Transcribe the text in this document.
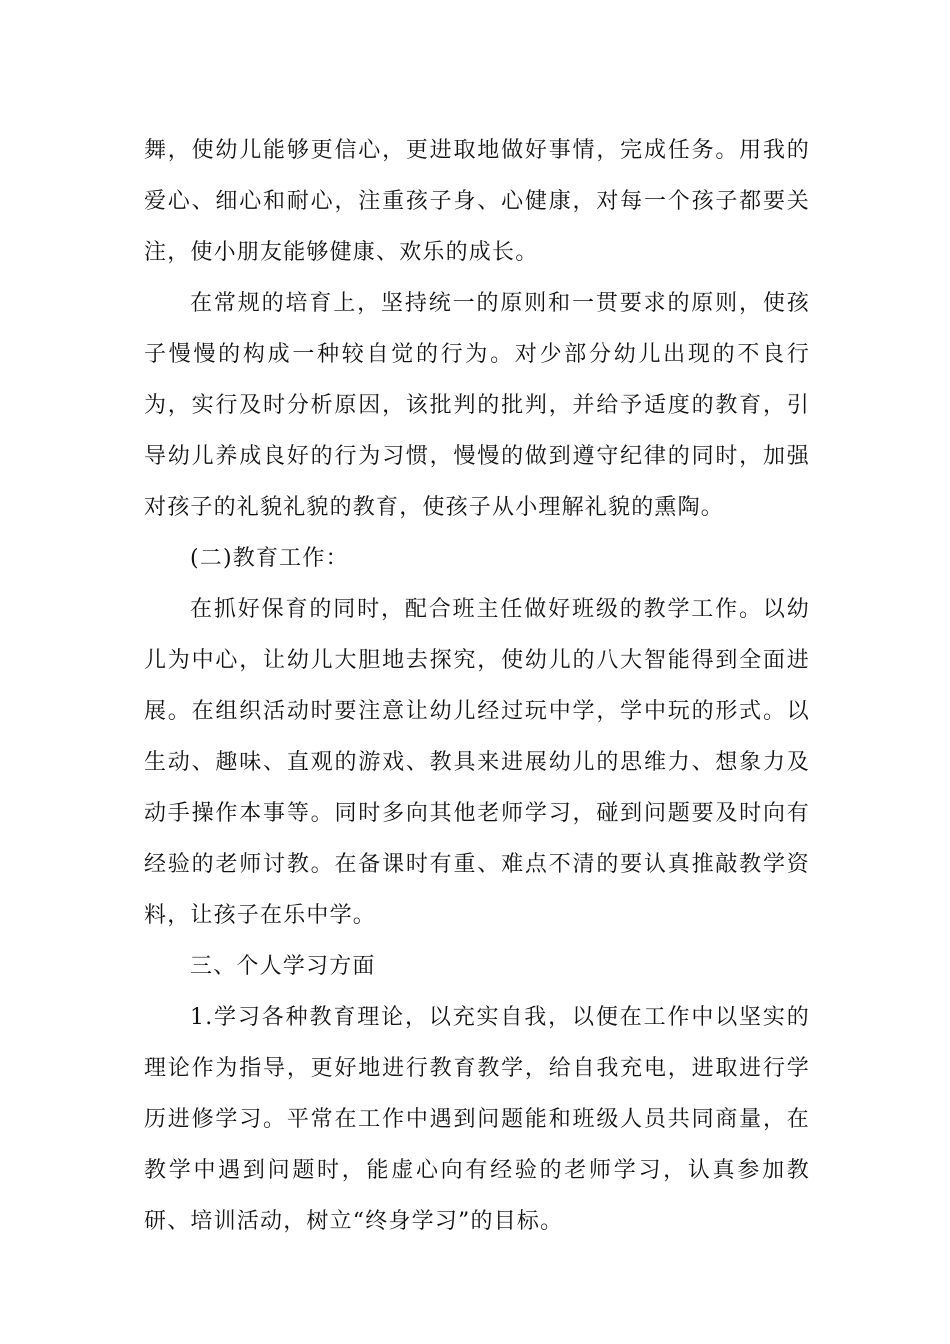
舞，使幼儿能够更信心，更进取地做好事情，完成任务。用我的爱心、细心和耐心，注重孩子身、心健康，对每一个孩子都要关注，使小朋友能够健康、欢乐的成长。

在常规的培育上，坚持统一的原则和一贯要求的原则，使孩子慢慢的构成一种较自觉的行为。对少部分幼儿出现的不良行为，实行及时分析原因，该批判的批判，并给予适度的教育，引导幼儿养成良好的行为习惯，慢慢的做到遵守纪律的同时，加强对孩子的礼貌礼貌的教育，使孩子从小理解礼貌的熏陶。

(二)教育工作：

在抓好保育的同时，配合班主任做好班级的教学工作。以幼儿为中心，让幼儿大胆地去探究，使幼儿的八大智能得到全面进展。在组织活动时要注意让幼儿经过玩中学，学中玩的形式。以生动、趣味、直观的游戏、教具来进展幼儿的思维力、想象力及动手操作本事等。同时多向其他老师学习，碰到问题要及时向有经验的老师讨教。在备课时有重、难点不清的要认真推敲教学资料，让孩子在乐中学。

三、个人学习方面

1.学习各种教育理论，以充实自我，以便在工作中以坚实的理论作为指导，更好地进行教育教学，给自我充电，进取进行学历进修学习。平常在工作中遇到问题能和班级人员共同商量，在教学中遇到问题时，能虚心向有经验的老师学习，认真参加教研、培训活动，树立“终身学习”的目标。
